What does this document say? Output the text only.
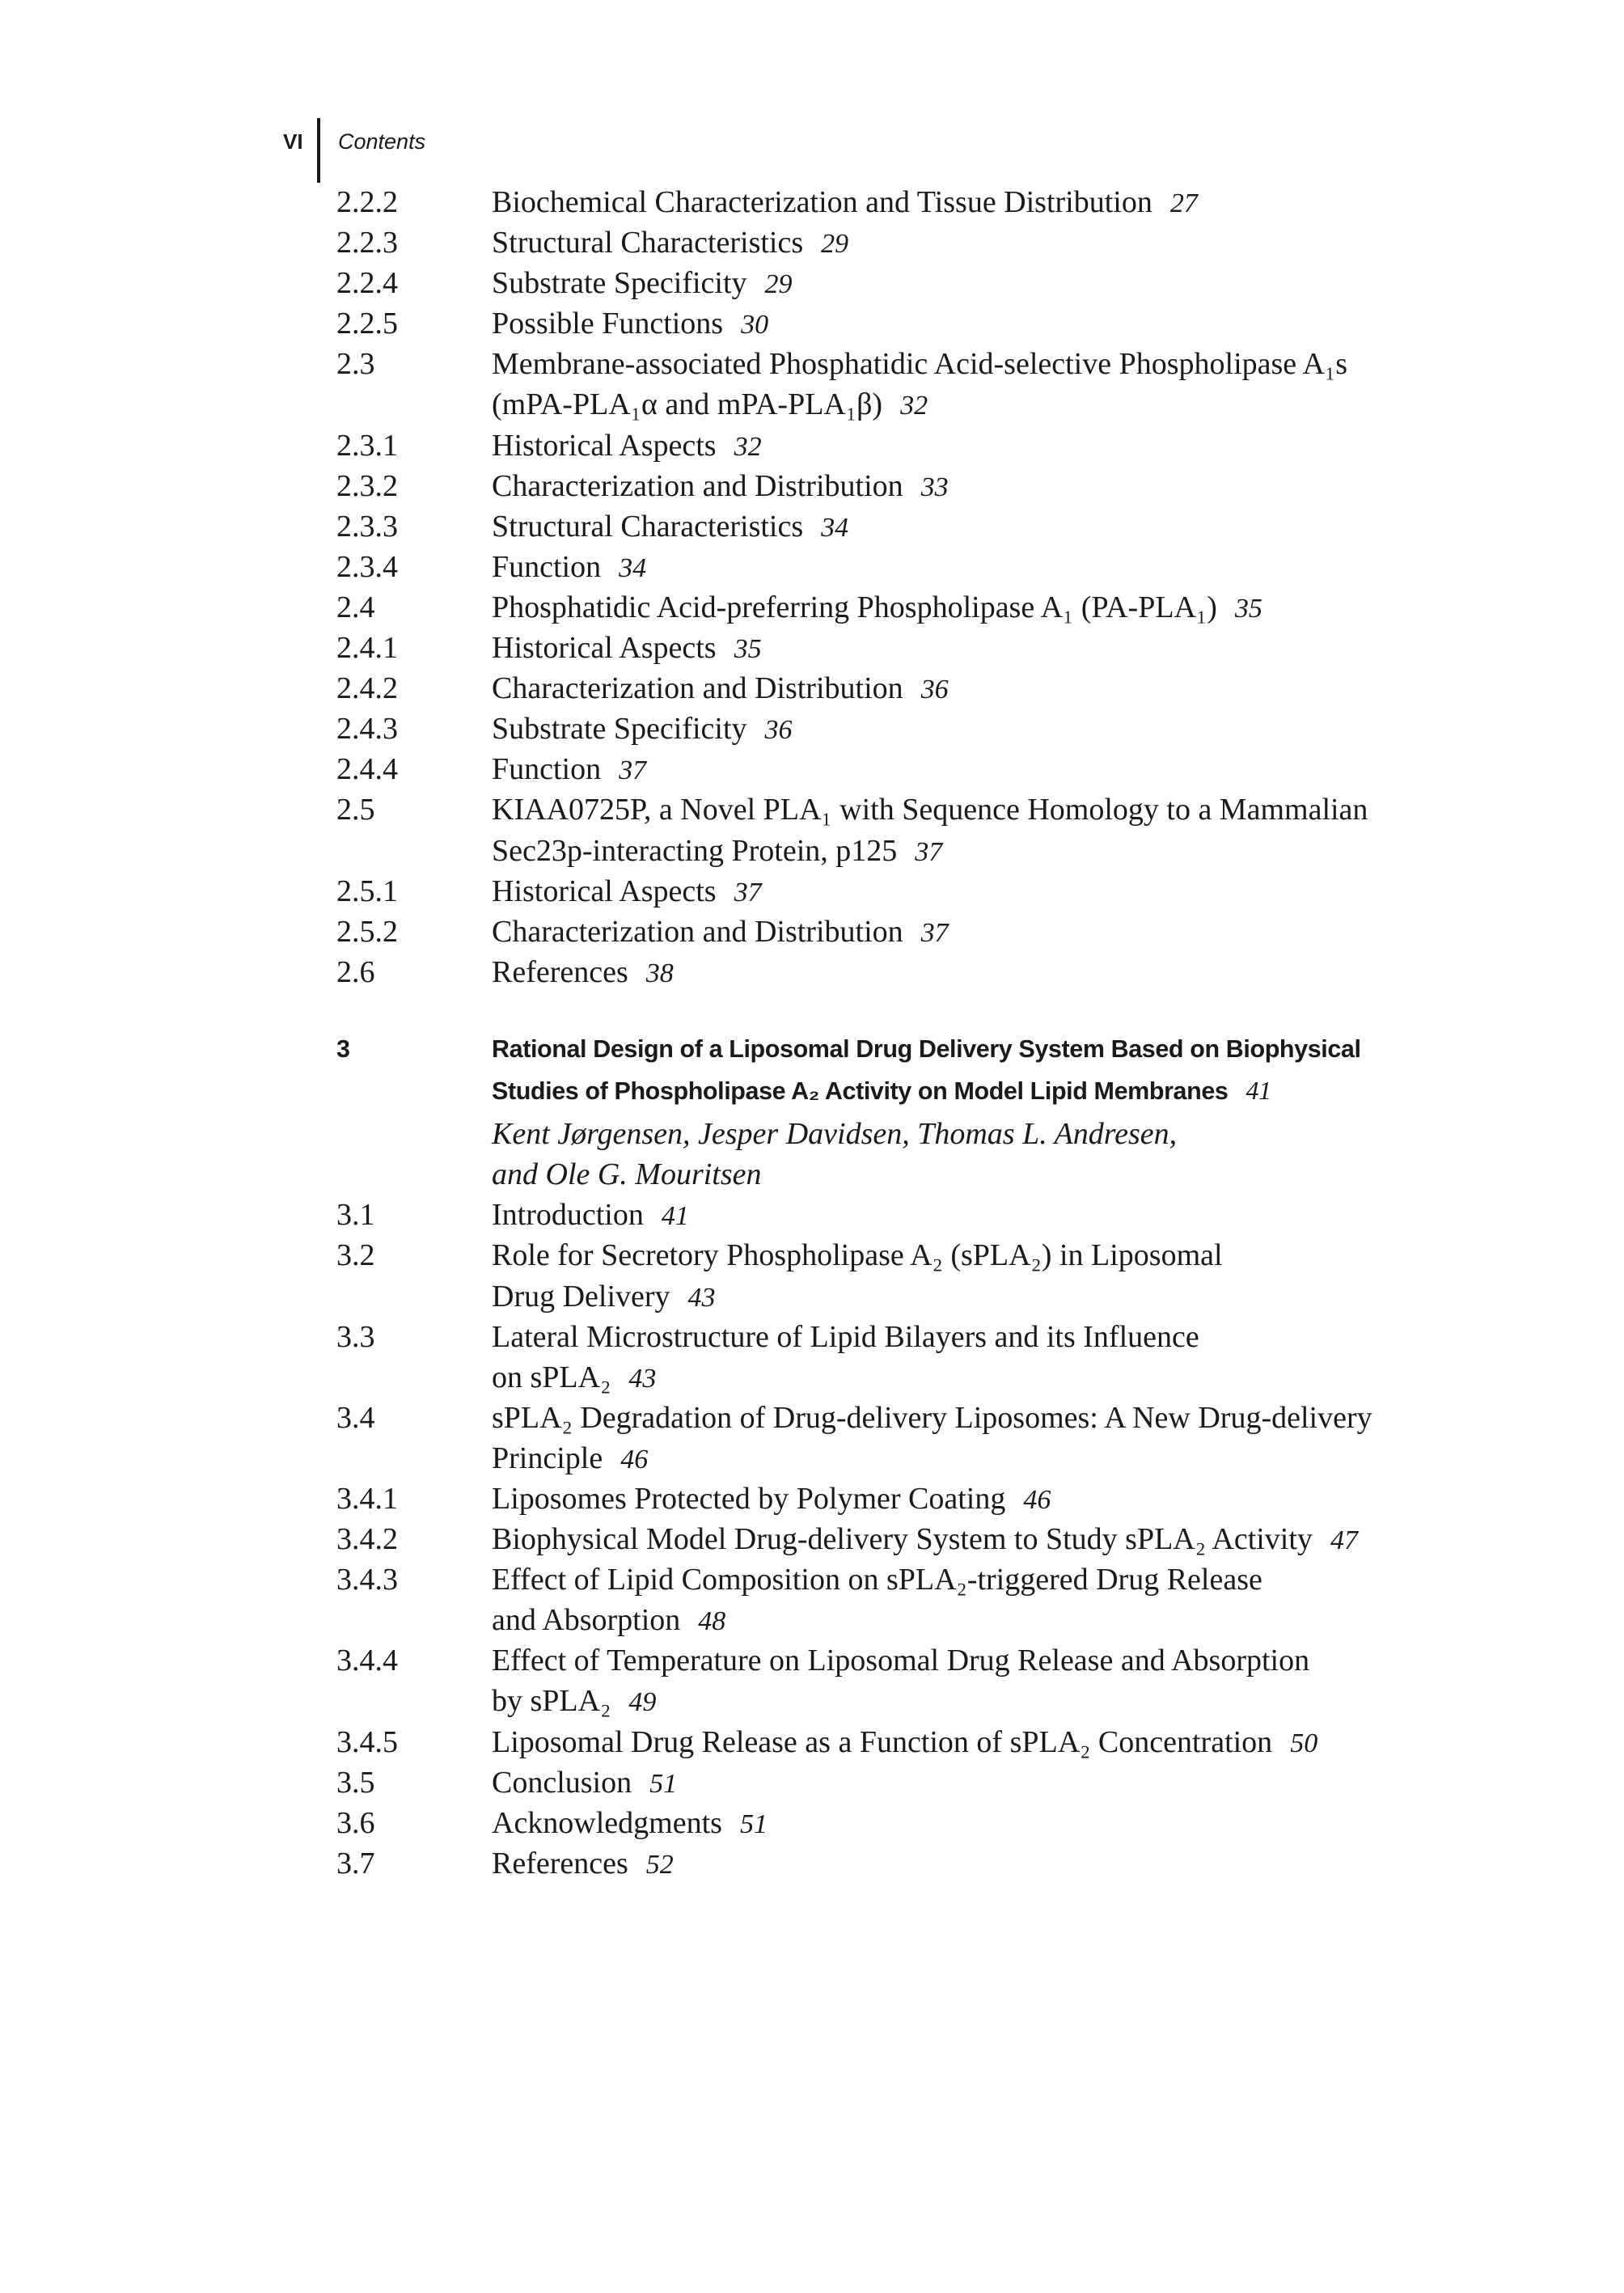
VI Contents
2.2.2	Biochemical Characterization and Tissue Distribution 27
2.2.3	Structural Characteristics 29
2.2.4	Substrate Specificity 29
2.2.5	Possible Functions 30
2.3	Membrane-associated Phosphatidic Acid-selective Phospholipase A₁s
(mPA-PLA₁α and mPA-PLA₁β) 32
2.3.1	Historical Aspects 32
2.3.2	Characterization and Distribution 33
2.3.3	Structural Characteristics 34
2.3.4	Function 34
2.4	Phosphatidic Acid-preferring Phospholipase A₁ (PA-PLA₁) 35
2.4.1	Historical Aspects 35
2.4.2	Characterization and Distribution 36
2.4.3	Substrate Specificity 36
2.4.4	Function 37
2.5	KIAA0725P, a Novel PLA₁ with Sequence Homology to a Mammalian
Sec23p-interacting Protein, p125 37
2.5.1	Historical Aspects 37
2.5.2	Characterization and Distribution 37
2.6	References 38
3	Rational Design of a Liposomal Drug Delivery System Based on Biophysical
Studies of Phospholipase A₂ Activity on Model Lipid Membranes 41
Kent Jørgensen, Jesper Davidsen, Thomas L. Andresen,
and Ole G. Mouritsen
3.1	Introduction 41
3.2	Role for Secretory Phospholipase A₂ (sPLA₂) in Liposomal
Drug Delivery 43
3.3	Lateral Microstructure of Lipid Bilayers and its Influence
on sPLA₂ 43
3.4	sPLA₂ Degradation of Drug-delivery Liposomes: A New Drug-delivery
Principle 46
3.4.1	Liposomes Protected by Polymer Coating 46
3.4.2	Biophysical Model Drug-delivery System to Study sPLA₂ Activity 47
3.4.3	Effect of Lipid Composition on sPLA₂-triggered Drug Release
and Absorption 48
3.4.4	Effect of Temperature on Liposomal Drug Release and Absorption
by sPLA₂ 49
3.4.5	Liposomal Drug Release as a Function of sPLA₂ Concentration 50
3.5	Conclusion 51
3.6	Acknowledgments 51
3.7	References 52
